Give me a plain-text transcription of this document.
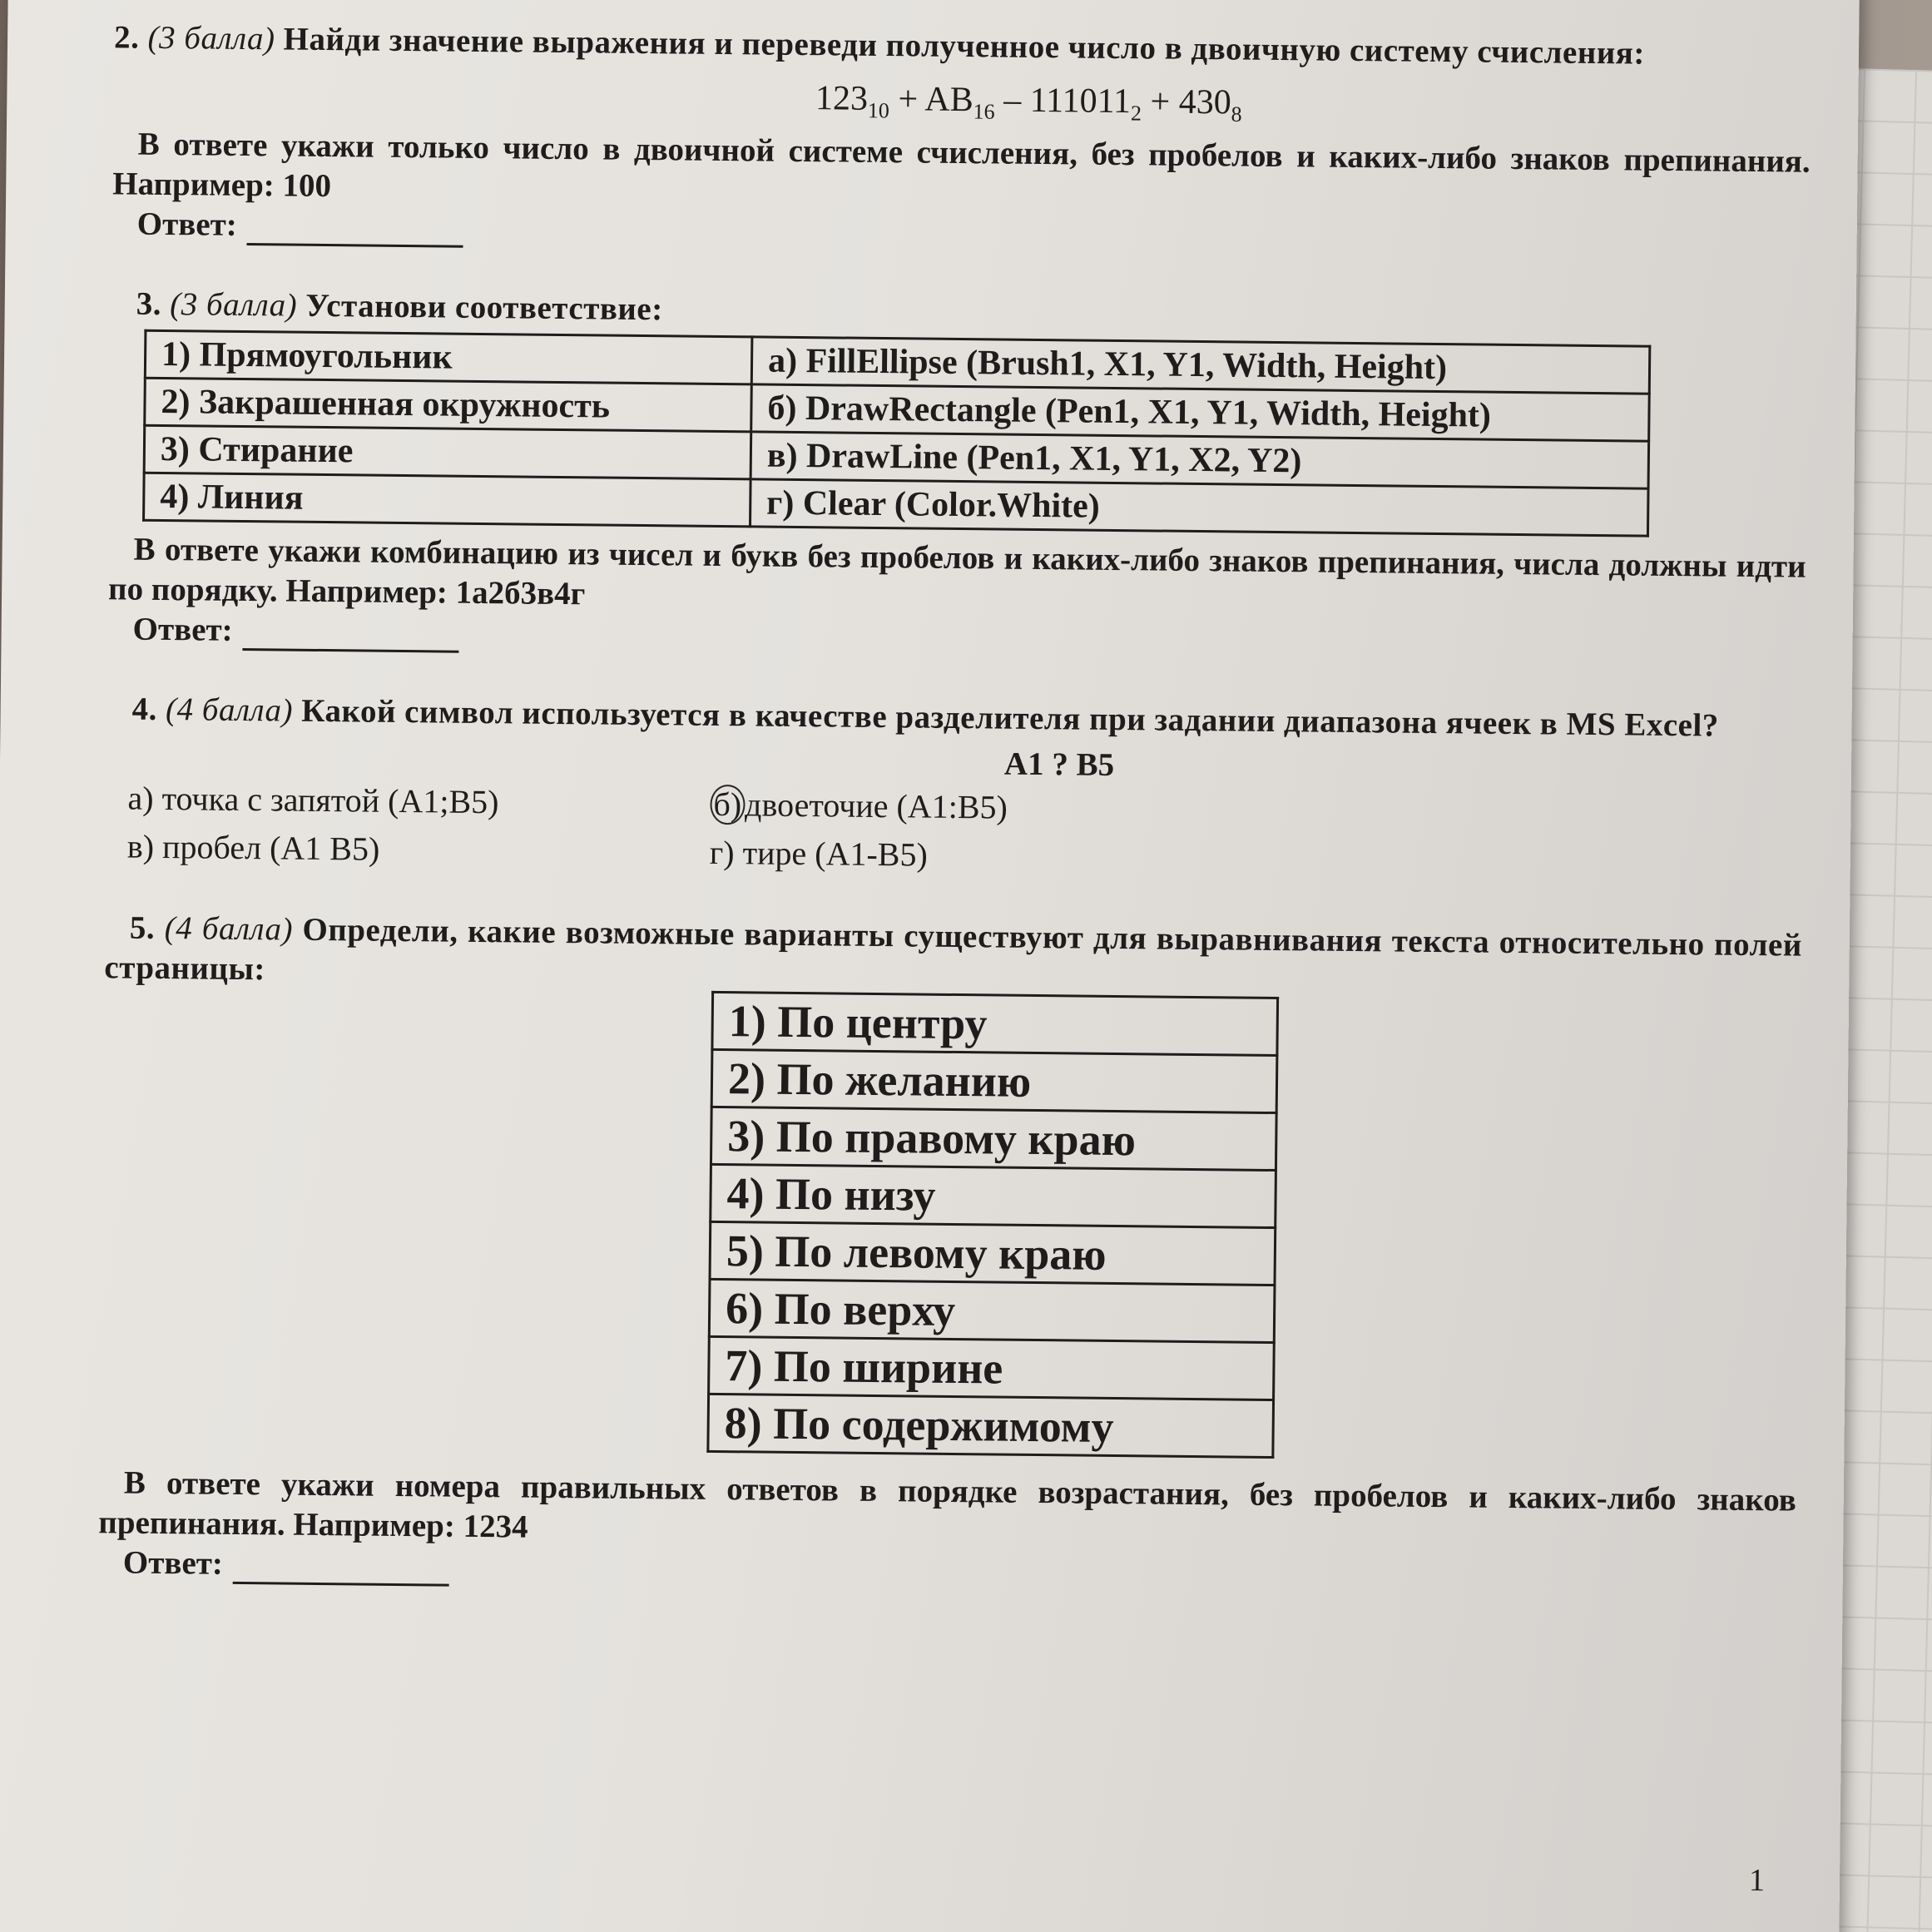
2. (3 балла) Найди значение выражения и переведи полученное число в двоичную систему счисления:
$123_{10} + AB_{16} - 111011_2 + 430_8$
В ответе укажи только число в двоичной системе счисления, без пробелов и каких-либо знаков препинания. Например: 100
Ответ:
3. (3 балла) Установи соответствие:
1) Прямоугольник	а) FillEllipse (Brush1, X1, Y1, Width, Height)
2) Закрашенная окружность	б) DrawRectangle (Pen1, X1, Y1, Width, Height)
3) Стирание	в) DrawLine (Pen1, X1, Y1, X2, Y2)
4) Линия	г) Clear (Color.White)
В ответе укажи комбинацию из чисел и букв без пробелов и каких-либо знаков препинания, числа должны идти по порядку. Например: 1а2б3в4г
Ответ:
4. (4 балла) Какой символ используется в качестве разделителя при задании диапазона ячеек в MS Excel?
A1 ? B5
а) точка с запятой (A1;B5)	б)двоеточие (A1:B5)
в) пробел (A1 B5)	г) тире (A1-B5)
5. (4 балла) Определи, какие возможные варианты существуют для выравнивания текста относительно полей страницы:
1) По центру
2) По желанию
3) По правому краю
4) По низу
5) По левому краю
6) По верху
7) По ширине
8) По содержимому
В ответе укажи номера правильных ответов в порядке возрастания, без пробелов и каких-либо знаков препинания. Например: 1234
Ответ:
1
